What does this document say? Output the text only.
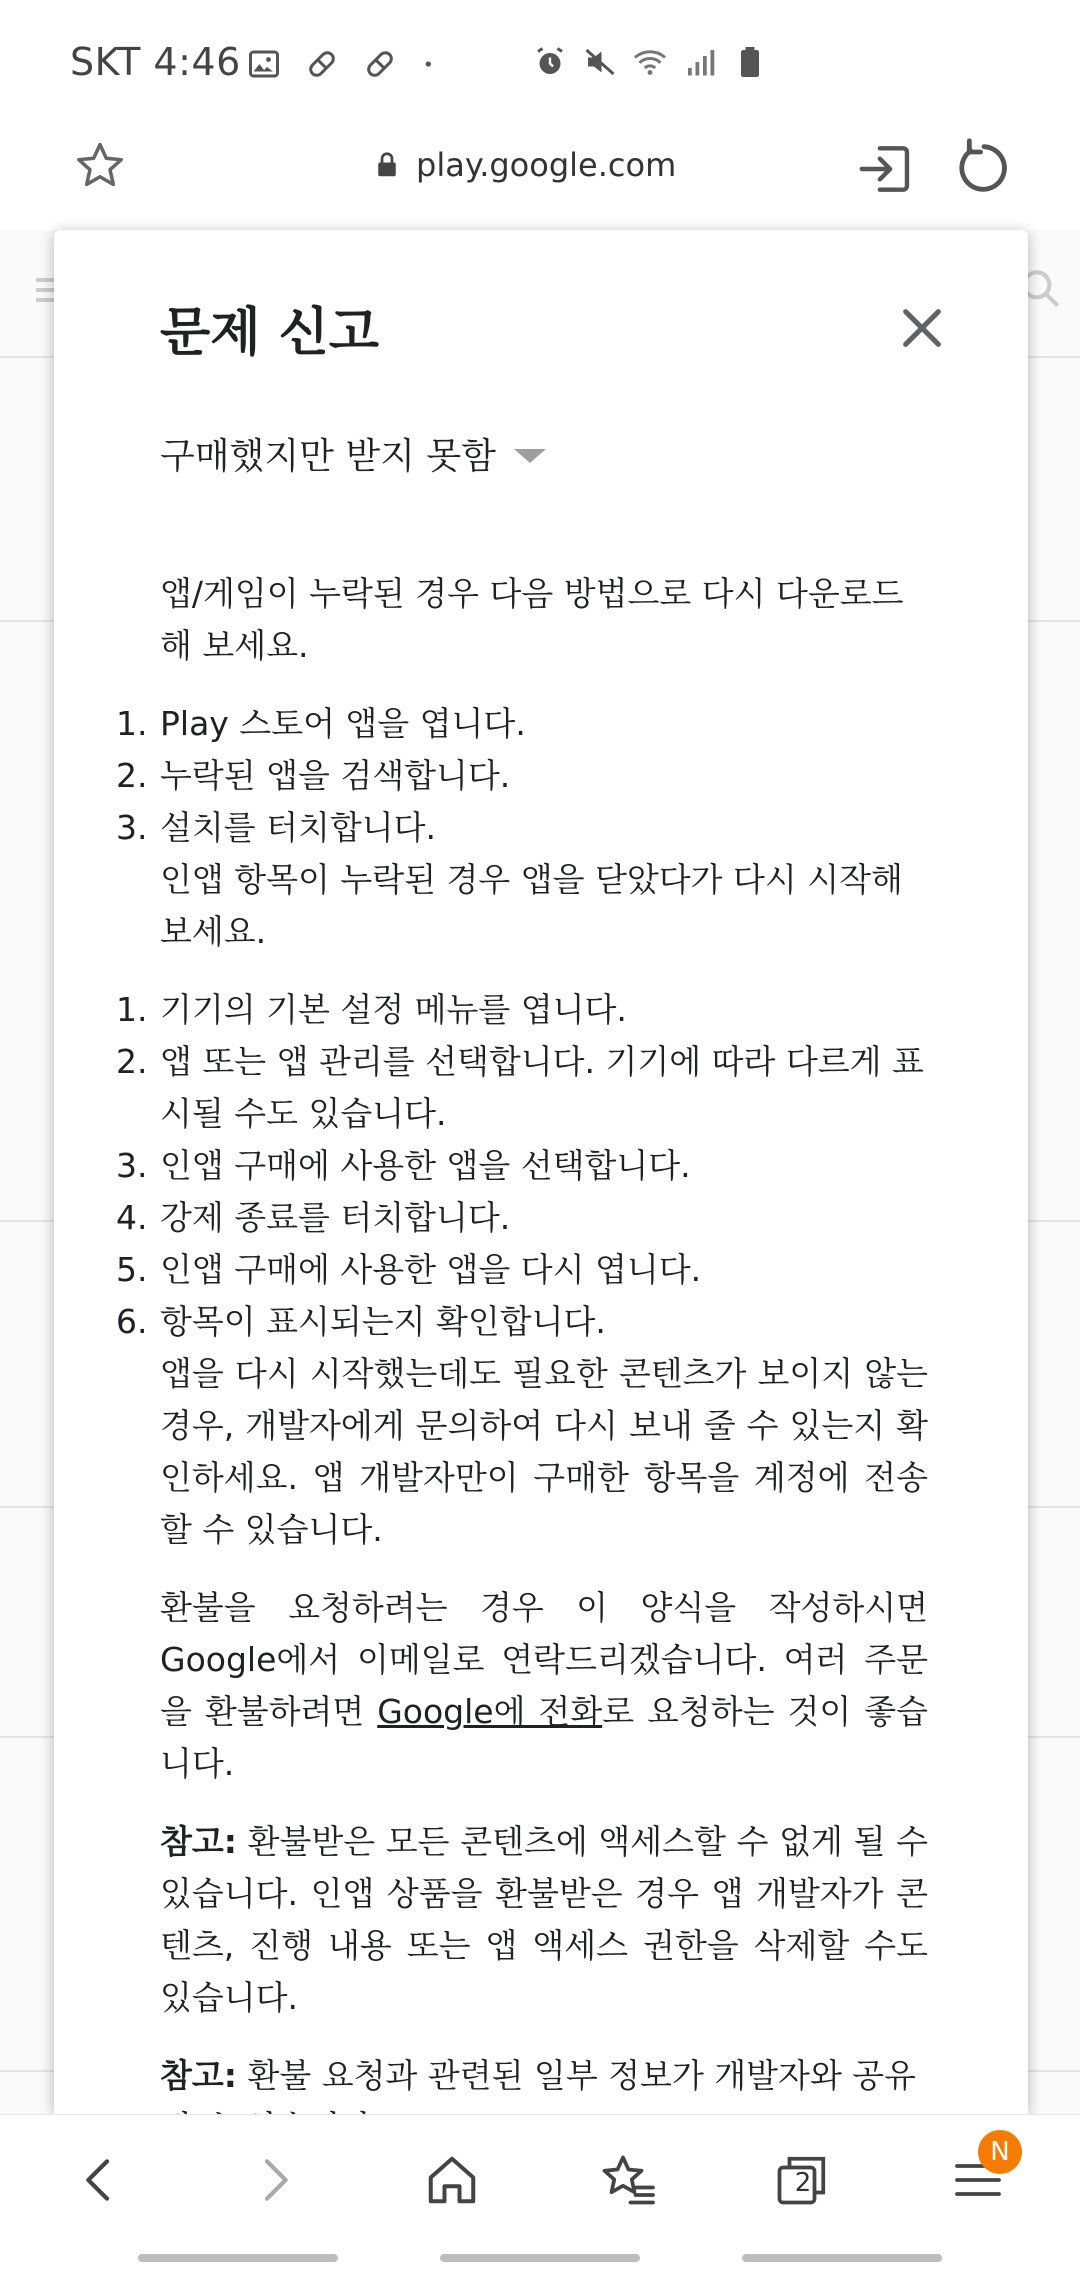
SKT 4:46
play.google.com
문제 신고
구매했지만 받지 못함

앱/게임이 누락된 경우 다음 방법으로 다시 다운로드해 보세요.

1. Play 스토어 앱을 엽니다.
2. 누락된 앱을 검색합니다.
3. 설치를 터치합니다.

인앱 항목이 누락된 경우 앱을 닫았다가 다시 시작해 보세요.

1. 기기의 기본 설정 메뉴를 엽니다.
2. 앱 또는 앱 관리를 선택합니다. 기기에 따라 다르게 표시될 수도 있습니다.
3. 인앱 구매에 사용한 앱을 선택합니다.
4. 강제 종료를 터치합니다.
5. 인앱 구매에 사용한 앱을 다시 엽니다.
6. 항목이 표시되는지 확인합니다.

앱을 다시 시작했는데도 필요한 콘텐츠가 보이지 않는 경우, 개발자에게 문의하여 다시 보내 줄 수 있는지 확인하세요. 앱 개발자만이 구매한 항목을 계정에 전송할 수 있습니다.

환불을 요청하려는 경우 이 양식을 작성하시면 Google에서 이메일로 연락드리겠습니다. 여러 주문을 환불하려면 Google에 전화로 요청하는 것이 좋습니다.

참고: 환불받은 모든 콘텐츠에 액세스할 수 없게 될 수 있습니다. 인앱 상품을 환불받은 경우 앱 개발자가 콘텐츠, 진행 내용 또는 앱 액세스 권한을 삭제할 수도 있습니다.

참고: 환불 요청과 관련된 일부 정보가 개발자와 공유

2
N
